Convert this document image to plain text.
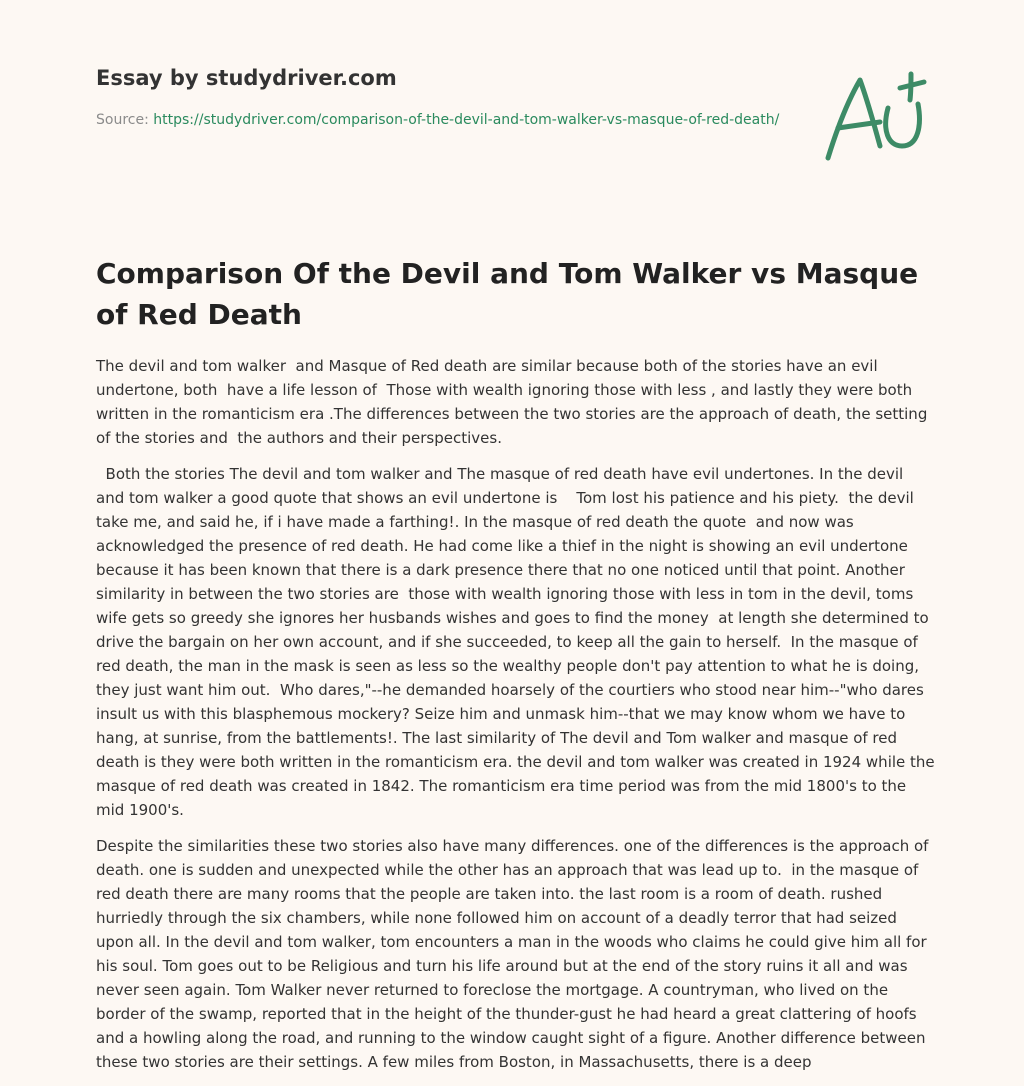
Essay by studydriver.com
Source: https://studydriver.com/comparison-of-the-devil-and-tom-walker-vs-masque-of-red-death/
Comparison Of the Devil and Tom Walker vs Masque of Red Death

The devil and tom walker  and Masque of Red death are similar because both of the stories have an evil undertone, both  have a life lesson of  Those with wealth ignoring those with less , and lastly they were both written in the romanticism era .The differences between the two stories are the approach of death, the setting of the stories and  the authors and their perspectives.

Both the stories The devil and tom walker and The masque of red death have evil undertones. In the devil and tom walker a good quote that shows an evil undertone is    Tom lost his patience and his piety.  the devil take me, and said he, if i have made a farthing!. In the masque of red death the quote  and now was acknowledged the presence of red death. He had come like a thief in the night is showing an evil undertone because it has been known that there is a dark presence there that no one noticed until that point. Another similarity in between the two stories are  those with wealth ignoring those with less in tom in the devil, toms wife gets so greedy she ignores her husbands wishes and goes to find the money  at length she determined to drive the bargain on her own account, and if she succeeded, to keep all the gain to herself.  In the masque of red death, the man in the mask is seen as less so the wealthy people don't pay attention to what he is doing, they just want him out.  Who dares,"--he demanded hoarsely of the courtiers who stood near him--"who dares insult us with this blasphemous mockery? Seize him and unmask him--that we may know whom we have to hang, at sunrise, from the battlements!. The last similarity of The devil and Tom walker and masque of red death is they were both written in the romanticism era. the devil and tom walker was created in 1924 while the masque of red death was created in 1842. The romanticism era time period was from the mid 1800's to the mid 1900's.

Despite the similarities these two stories also have many differences. one of the differences is the approach of death. one is sudden and unexpected while the other has an approach that was lead up to.  in the masque of red death there are many rooms that the people are taken into. the last room is a room of death. rushed hurriedly through the six chambers, while none followed him on account of a deadly terror that had seized upon all. In the devil and tom walker, tom encounters a man in the woods who claims he could give him all for his soul. Tom goes out to be Religious and turn his life around but at the end of the story ruins it all and was never seen again. Tom Walker never returned to foreclose the mortgage. A countryman, who lived on the border of the swamp, reported that in the height of the thunder-gust he had heard a great clattering of hoofs and a howling along the road, and running to the window caught sight of a figure. Another difference between these two stories are their settings. A few miles from Boston, in Massachusetts, there is a deep
